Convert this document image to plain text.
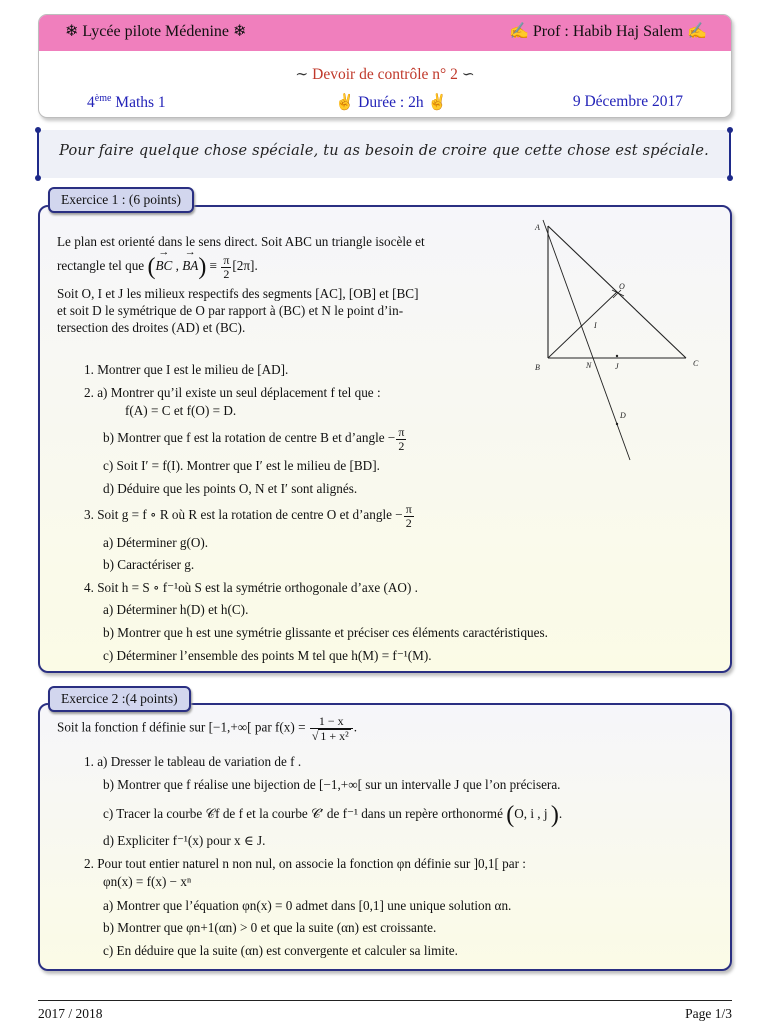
❄ Lycée pilote Médenine ❄	✍ Prof : Habib Haj Salem ✍
∼ Devoir de contrôle n° 2 ∽
4ème Maths 1	✌ Durée : 2h ✌	9 Décembre 2017
Pour faire quelque chose spéciale, tu as besoin de croire que cette chose est spéciale.
Exercice 1 : (6 points)
A
B	C
O
I
N	J
D
Le plan est orienté dans le sens direct. Soit ABC un triangle isocèle et
rectangle tel que (→ BC , → $BA) \equiv \frac{\pi}{2} [2\pi]$.
Soit O, I et J les milieux respectifs des segments [AC], [OB] et [BC]
et soit D le symétrique de O par rapport à (BC) et N le point d’in-
tersection des droites (AD) et (BC).
1. Montrer que I est le milieu de [AD].
2. a) Montrer qu’il existe un seul déplacement f tel que :
f(A) = C et f(O) = D.
b) Montrer que f est la rotation de centre B et d’angle − $\frac{\pi}{2}$
c) Soit I′ = f(I). Montrer que I′ est le milieu de [BD].
d) Déduire que les points O, N et I′ sont alignés.
3. Soit g = f ∘ R où R est la rotation de centre O et d’angle − $\frac{\pi}{2}$
a) Déterminer g(O).
b) Caractériser g.
4. Soit h = S ∘ f⁻¹où S est la symétrie orthogonale d’axe (AO) .
a) Déterminer h(D) et h(C).
b) Montrer que h est une symétrie glissante et préciser ces éléments caractéristiques.
c) Déterminer l’ensemble des points M tel que h(M) = f⁻¹(M).
Exercice 2 :(4 points)
Soit la fonction f définie sur [−1,+∞[ par $f(x) = \frac{1 - x}{\text{√ 1 + x²}}$ .
1. a) Dresser le tableau de variation de f .
b) Montrer que f réalise une bijection de [−1,+∞[ sur un intervalle J que l’on précisera.
c) Tracer la courbe 𝒞f de f et la courbe 𝒞′ de f⁻¹ dans un repère orthonormé (O, i , j ).
d) Expliciter f⁻¹(x) pour x ∈ J.
2. Pour tout entier naturel n non nul, on associe la fonction φn définie sur ]0,1[ par :
φn(x) = f(x) − xⁿ
a) Montrer que l’équation φn(x) = 0 admet dans [0,1] une unique solution αn.
b) Montrer que φn+1(αn) > 0 et que la suite (αn) est croissante.
c) En déduire que la suite (αn) est convergente et calculer sa limite.
2017 / 2018	Page 1/3
